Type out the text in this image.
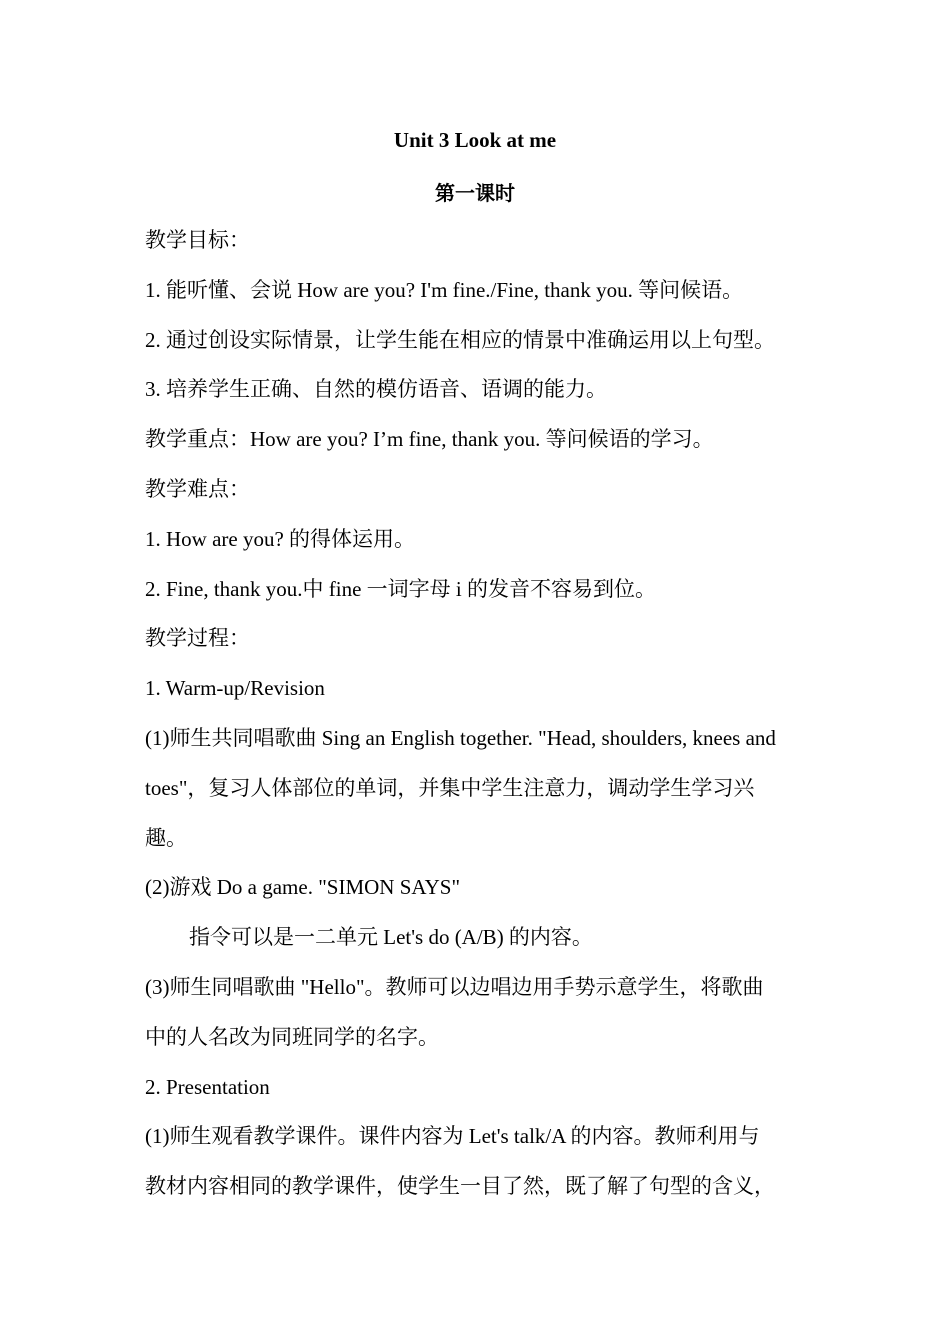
Unit 3 Look at me
第一课时
教学目标：
1. 能听懂、会说 How are you? I'm fine./Fine, thank you. 等问候语。
2. 通过创设实际情景，让学生能在相应的情景中准确运用以上句型。
3. 培养学生正确、自然的模仿语音、语调的能力。
教学重点：How are you? I’m fine, thank you. 等问候语的学习。
教学难点：
1. How are you? 的得体运用。
2. Fine, thank you.中 fine 一词字母 i 的发音不容易到位。
教学过程：
1. Warm-up/Revision
(1)师生共同唱歌曲 Sing an English together. "Head, shoulders, knees and
toes"，复习人体部位的单词，并集中学生注意力，调动学生学习兴
趣。
(2)游戏 Do a game. "SIMON SAYS"
指令可以是一二单元 Let's do (A/B) 的内容。
(3)师生同唱歌曲 "Hello"。教师可以边唱边用手势示意学生，将歌曲
中的人名改为同班同学的名字。
2. Presentation
(1)师生观看教学课件。课件内容为 Let's talk/A 的内容。教师利用与
教材内容相同的教学课件，使学生一目了然，既了解了句型的含义，
